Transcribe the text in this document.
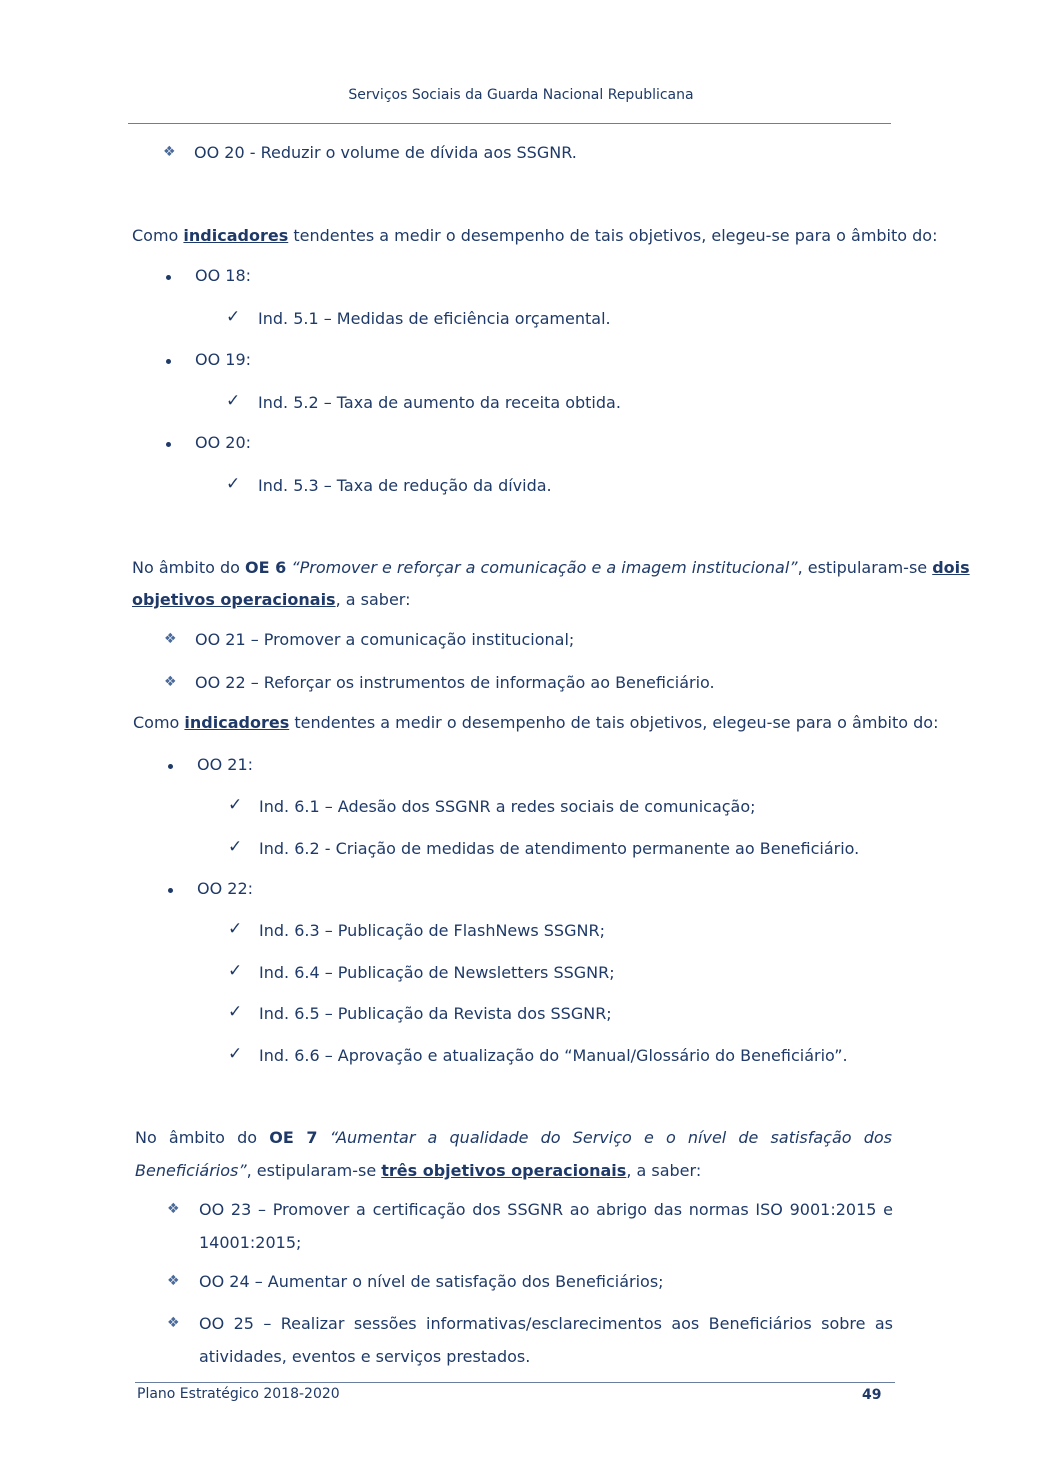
Serviços Sociais da Guarda Nacional Republicana
❖ OO 20 - Reduzir o volume de dívida aos SSGNR.
Como indicadores tendentes a medir o desempenho de tais objetivos, elegeu-se para o âmbito do:
OO 18:
✓ Ind. 5.1 – Medidas de eficiência orçamental.
OO 19:
✓ Ind. 5.2 – Taxa de aumento da receita obtida.
OO 20:
✓ Ind. 5.3 – Taxa de redução da dívida.
No âmbito do OE 6 “Promover e reforçar a comunicação e a imagem institucional”, estipularam-se dois
objetivos operacionais, a saber:
❖ OO 21 – Promover a comunicação institucional;
❖ OO 22 – Reforçar os instrumentos de informação ao Beneficiário.
Como indicadores tendentes a medir o desempenho de tais objetivos, elegeu-se para o âmbito do:
OO 21:
✓ Ind. 6.1 – Adesão dos SSGNR a redes sociais de comunicação;
✓ Ind. 6.2 - Criação de medidas de atendimento permanente ao Beneficiário.
OO 22:
✓ Ind. 6.3 – Publicação de FlashNews SSGNR;
✓ Ind. 6.4 – Publicação de Newsletters SSGNR;
✓ Ind. 6.5 – Publicação da Revista dos SSGNR;
✓ Ind. 6.6 – Aprovação e atualização do “Manual/Glossário do Beneficiário”.
No âmbito do OE 7 “Aumentar a qualidade do Serviço e o nível de satisfação dos Beneficiários”, estipularam-se três objetivos operacionais, a saber:
❖ OO 23 – Promover a certificação dos SSGNR ao abrigo das normas ISO 9001:2015 e 14001:2015;
❖ OO 24 – Aumentar o nível de satisfação dos Beneficiários;
❖ OO 25 – Realizar sessões informativas/esclarecimentos aos Beneficiários sobre as atividades, eventos e serviços prestados.
Plano Estratégico 2018-2020	49
